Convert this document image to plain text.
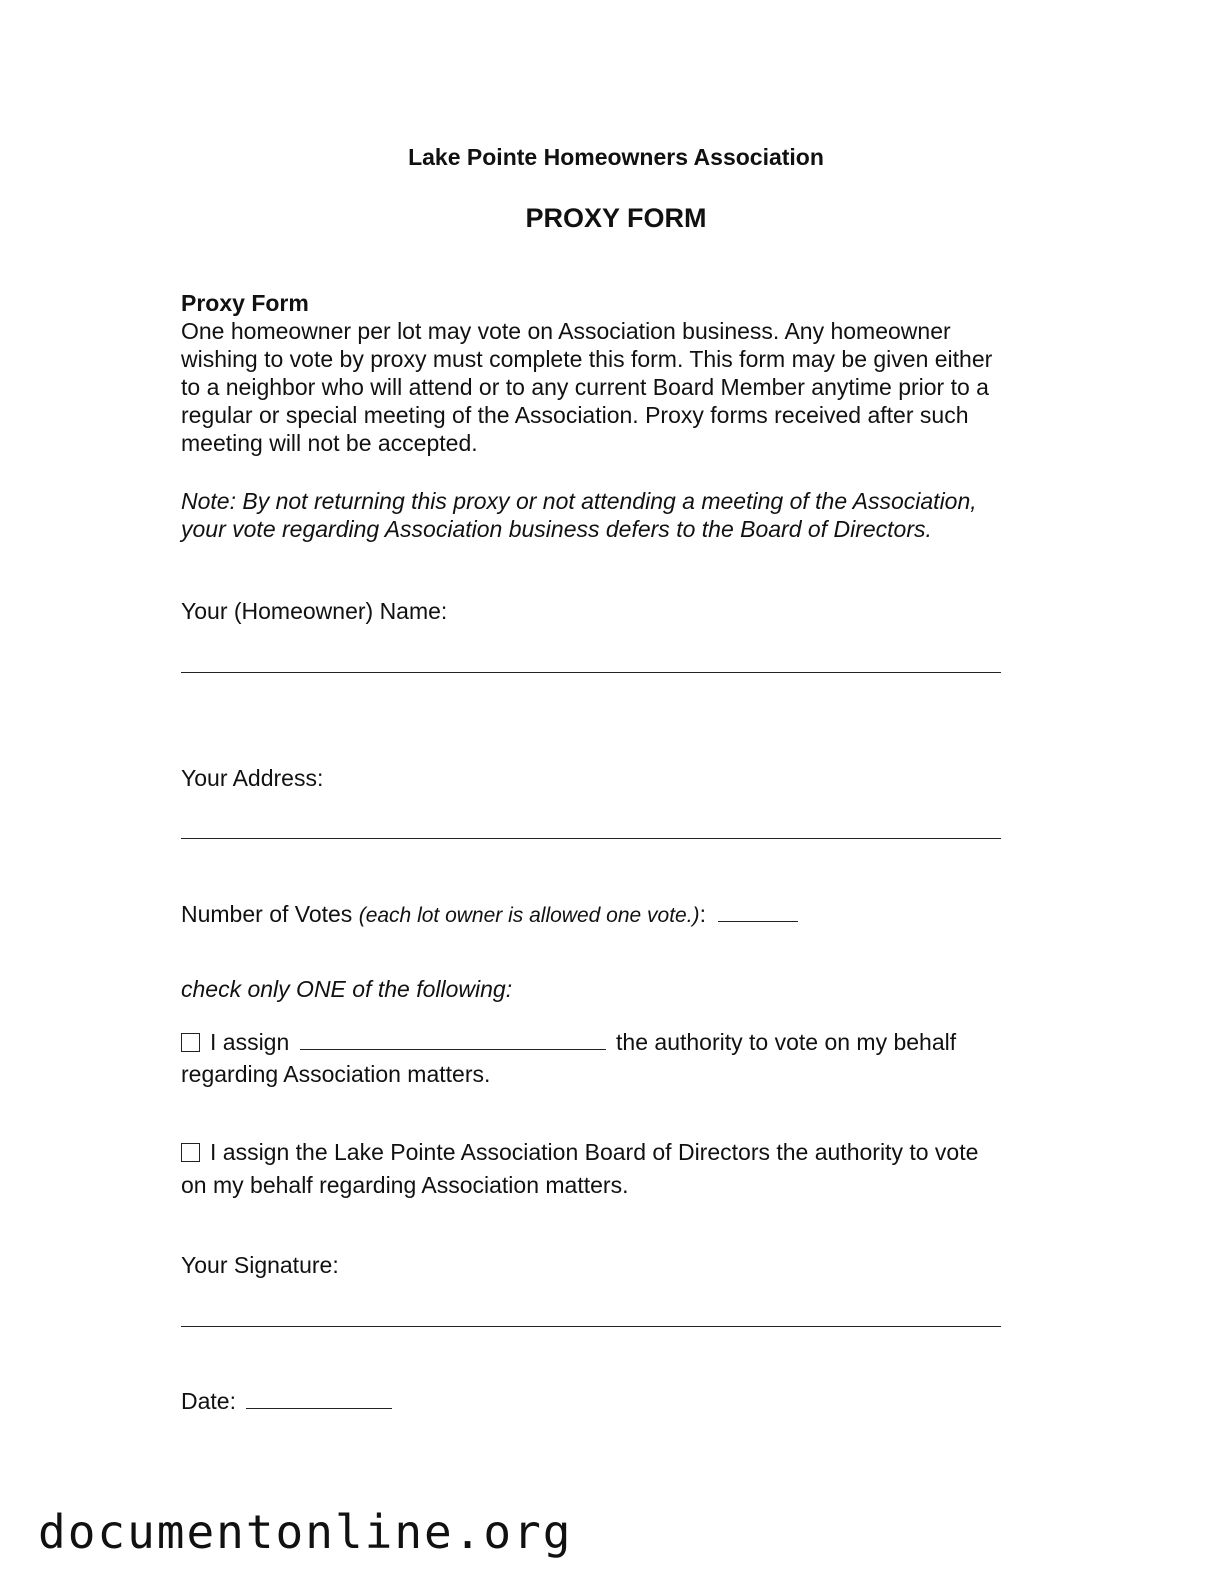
Lake Pointe Homeowners Association
PROXY FORM
Proxy Form
One homeowner per lot may vote on Association business. Any homeowner
wishing to vote by proxy must complete this form. This form may be given either
to a neighbor who will attend or to any current Board Member anytime prior to a
regular or special meeting of the Association. Proxy forms received after such
meeting will not be accepted.
Note: By not returning this proxy or not attending a meeting of the Association,
your vote regarding Association business defers to the Board of Directors.
Your (Homeowner) Name:
Your Address:
Number of Votes (each lot owner is allowed one vote.):
check only ONE of the following:
I assign	the authority to vote on my behalf
regarding Association matters.
I assign the Lake Pointe Association Board of Directors the authority to vote
on my behalf regarding Association matters.
Your Signature:
Date:
documentonline.org
